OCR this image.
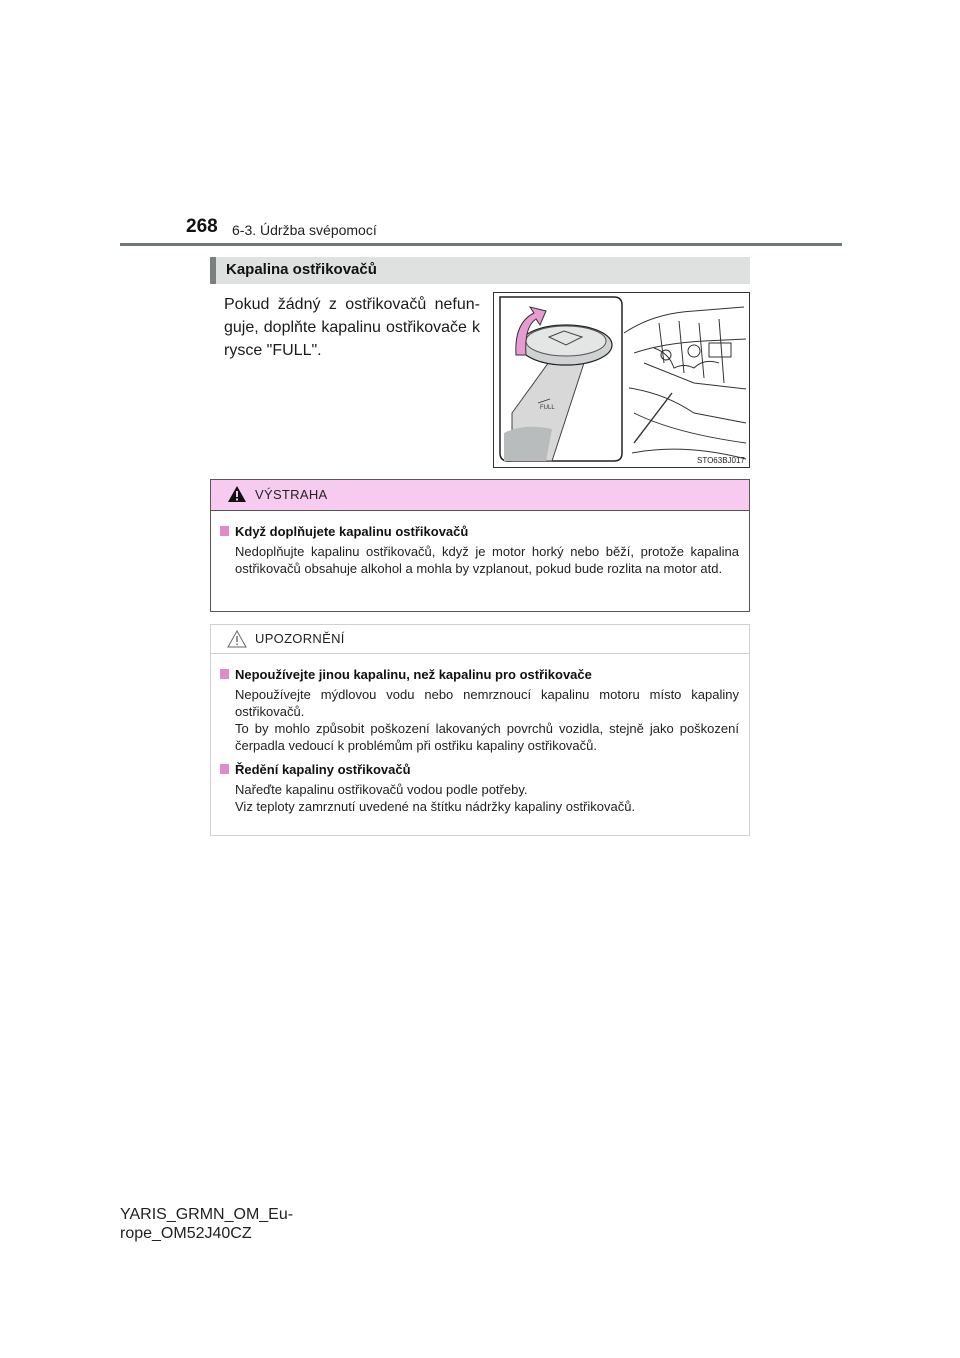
268 6-3. Údržba svépomocí
Kapalina ostřikovačů
Pokud žádný z ostřikovačů nefunguje, doplňte kapalinu ostřikovače k rysce "FULL".
FULL
STO63BJ017
VÝSTRAHA
Když doplňujete kapalinu ostřikovačů
Nedoplňujte kapalinu ostřikovačů, když je motor horký nebo běží, protože kapalina ostřikovačů obsahuje alkohol a mohla by vzplanout, pokud bude rozlita na motor atd.
UPOZORNĚNÍ
Nepoužívejte jinou kapalinu, než kapalinu pro ostřikovače
Nepoužívejte mýdlovou vodu nebo nemrznoucí kapalinu motoru místo kapaliny ostřikovačů.
To by mohlo způsobit poškození lakovaných povrchů vozidla, stejně jako poškození čerpadla vedoucí k problémům při ostřiku kapaliny ostřikovačů.
Ředění kapaliny ostřikovačů
Nařeďte kapalinu ostřikovačů vodou podle potřeby.
Viz teploty zamrznutí uvedené na štítku nádržky kapaliny ostřikovačů.
YARIS_GRMN_OM_Eu-
rope_OM52J40CZ
